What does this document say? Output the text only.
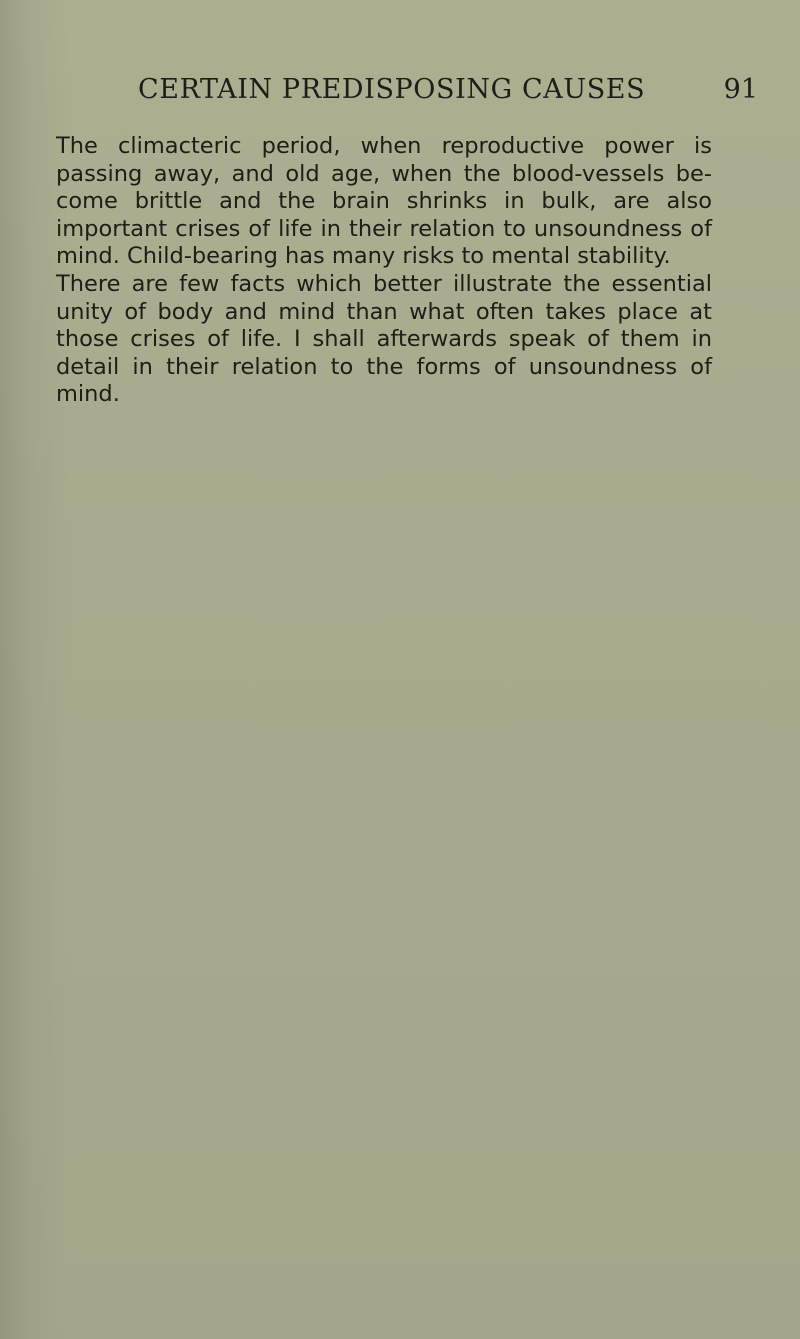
CERTAIN PREDISPOSING CAUSES	91

The climacteric period, when reproductive power is passing away, and old age, when the blood-vessels be-come brittle and the brain shrinks in bulk, are also important crises of life in their relation to unsoundness of mind. Child-bearing has many risks to mental stability.

There are few facts which better illustrate the essential unity of body and mind than what often takes place at those crises of life. I shall afterwards speak of them in detail in their relation to the forms of unsoundness of mind.
